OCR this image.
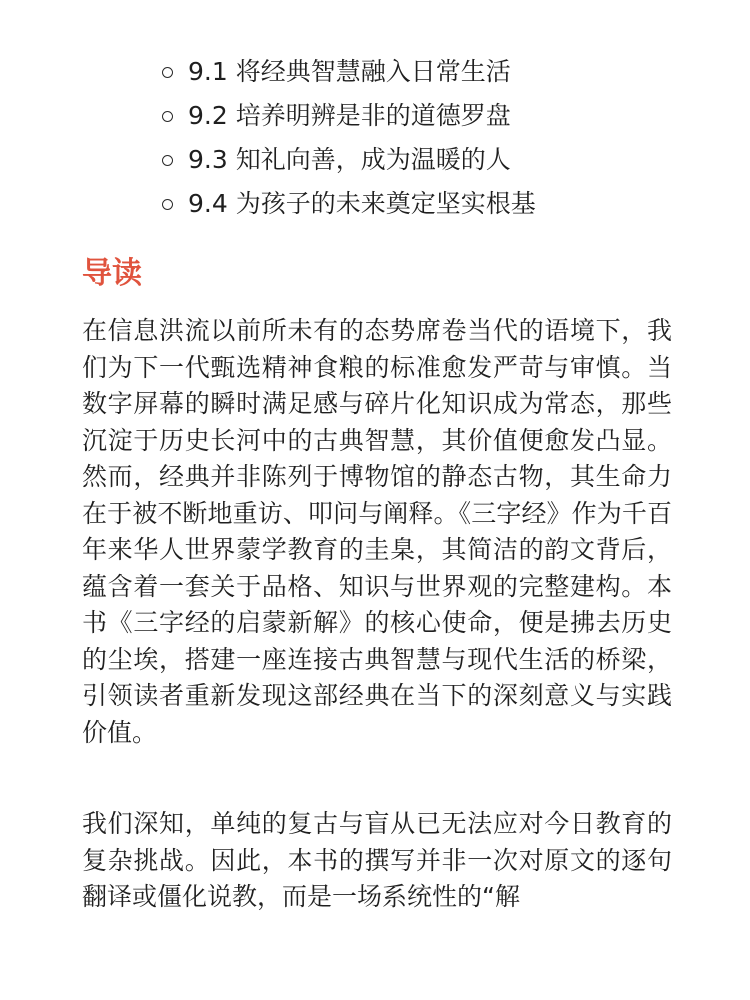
9.1 将经典智慧融入日常生活
9.2 培养明辨是非的道德罗盘
9.3 知礼向善，成为温暖的人
9.4 为孩子的未来奠定坚实根基
导读

在信息洪流以前所未有的态势席卷当代的语境下，我们为下一代甄选精神食粮的标准愈发严苛与审慎。当数字屏幕的瞬时满足感与碎片化知识成为常态，那些沉淀于历史长河中的古典智慧，其价值便愈发凸显。然而，经典并非陈列于博物馆的静态古物，其生命力在于被不断地重访、叩问与阐释。《三字经》作为千百年来华人世界蒙学教育的圭臬，其简洁的韵文背后，蕴含着一套关于品格、知识与世界观的完整建构。本书《三字经的启蒙新解》的核心使命，便是拂去历史的尘埃，搭建一座连接古典智慧与现代生活的桥梁，引领读者重新发现这部经典在当下的深刻意义与实践价值。

我们深知，单纯的复古与盲从已无法应对今日教育的复杂挑战。因此，本书的撰写并非一次对原文的逐句翻译或僵化说教，而是一场系统性的“解
